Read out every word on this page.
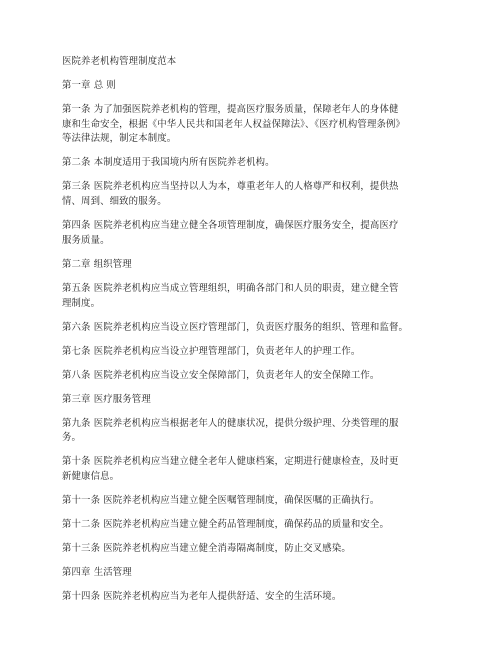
医院养老机构管理制度范本
第一章 总 则
第一条 为了加强医院养老机构的管理，提高医疗服务质量，保障老年人的身体健
康和生命安全，根据《中华人民共和国老年人权益保障法》、《医疗机构管理条例》
等法律法规，制定本制度。
第二条 本制度适用于我国境内所有医院养老机构。
第三条 医院养老机构应当坚持以人为本，尊重老年人的人格尊严和权利，提供热
情、周到、细致的服务。
第四条 医院养老机构应当建立健全各项管理制度，确保医疗服务安全，提高医疗
服务质量。
第二章 组织管理
第五条 医院养老机构应当成立管理组织，明确各部门和人员的职责，建立健全管
理制度。
第六条 医院养老机构应当设立医疗管理部门，负责医疗服务的组织、管理和监督。
第七条 医院养老机构应当设立护理管理部门，负责老年人的护理工作。
第八条 医院养老机构应当设立安全保障部门，负责老年人的安全保障工作。
第三章 医疗服务管理
第九条 医院养老机构应当根据老年人的健康状况，提供分级护理、分类管理的服
务。
第十条 医院养老机构应当建立健全老年人健康档案，定期进行健康检查，及时更
新健康信息。
第十一条 医院养老机构应当建立健全医嘱管理制度，确保医嘱的正确执行。
第十二条 医院养老机构应当建立健全药品管理制度，确保药品的质量和安全。
第十三条 医院养老机构应当建立健全消毒隔离制度，防止交叉感染。
第四章 生活管理
第十四条 医院养老机构应当为老年人提供舒适、安全的生活环境。
